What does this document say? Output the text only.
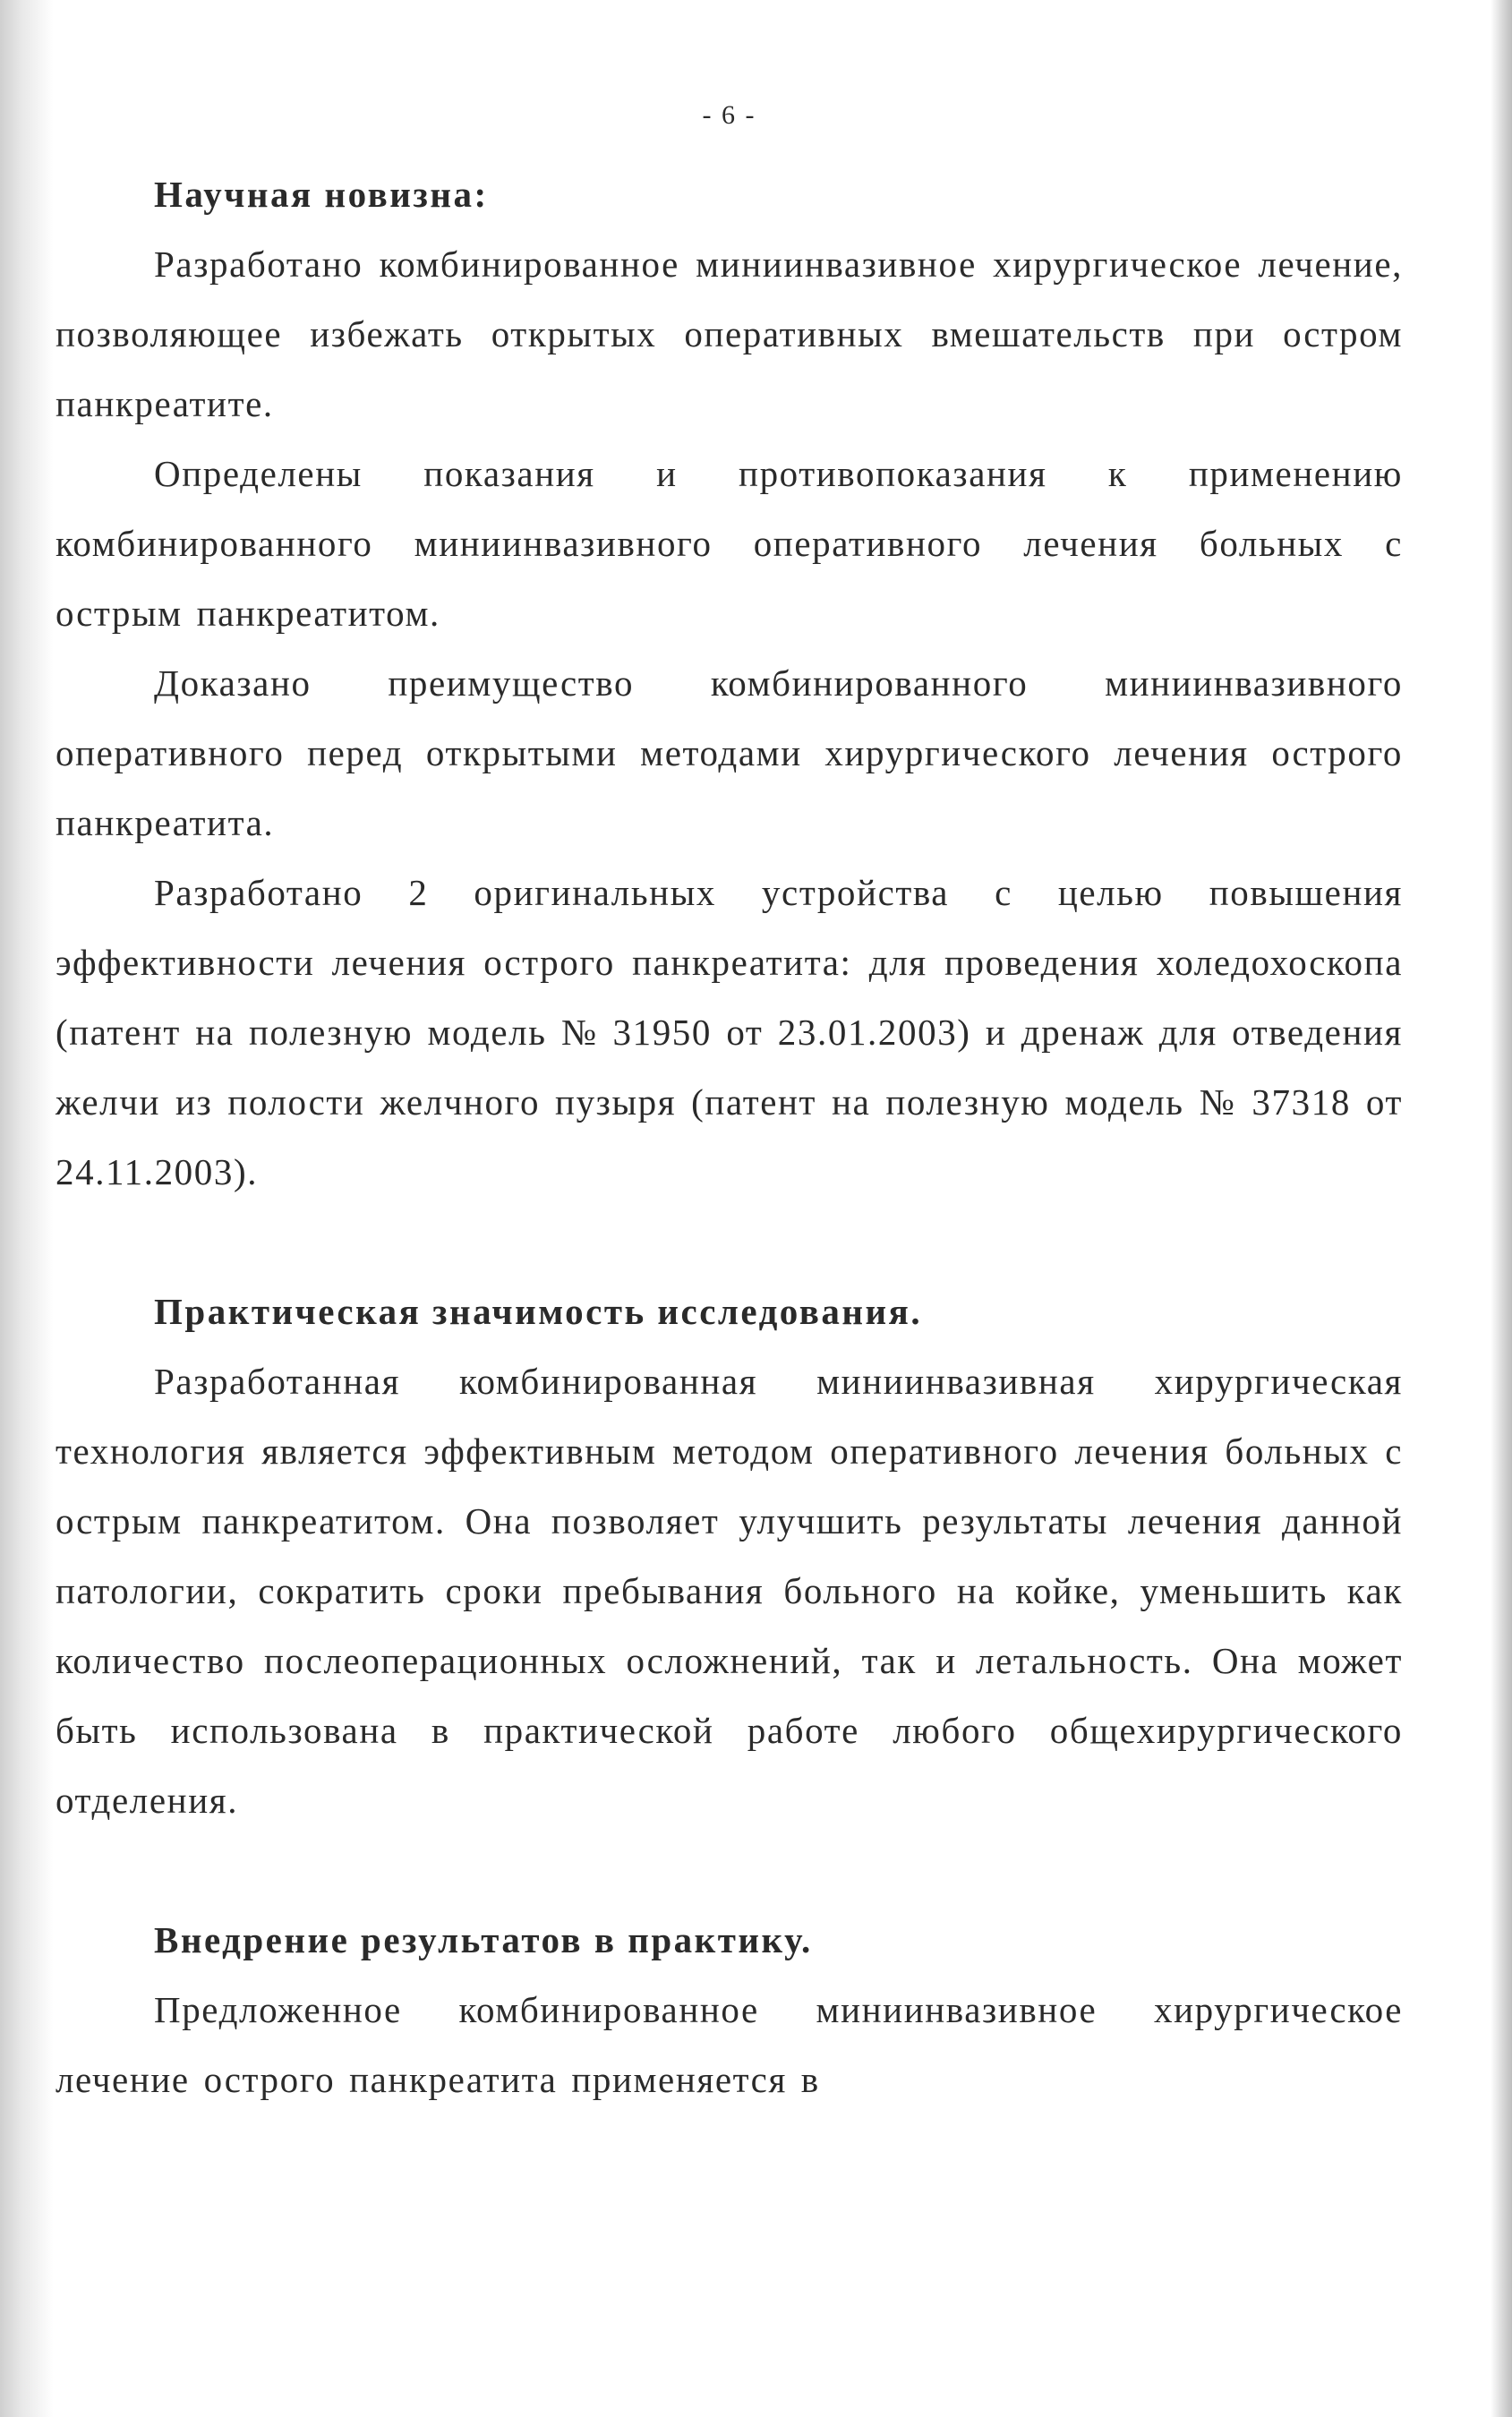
- 6 -
Научная новизна:

Разработано комбинированное миниинвазивное хирургическое лечение, позволяющее избежать открытых оперативных вмешательств при остром панкреатите.

Определены показания и противопоказания к применению комбинированного миниинвазивного оперативного лечения больных с острым панкреатитом.

Доказано преимущество комбинированного миниинвазивного оперативного перед открытыми методами хирургического лечения острого панкреатита.

Разработано 2 оригинальных устройства с целью повышения эффективности лечения острого панкреатита: для проведения холедохоскопа (патент на полезную модель № 31950 от 23.01.2003) и дренаж для отведения желчи из полости желчного пузыря (патент на полезную модель № 37318 от 24.11.2003).

Практическая значимость исследования.

Разработанная комбинированная миниинвазивная хирургическая технология является эффективным методом оперативного лечения больных с острым панкреатитом. Она позволяет улучшить результаты лечения данной патологии, сократить сроки пребывания больного на койке, уменьшить как количество послеоперационных осложнений, так и летальность. Она может быть использована в практической работе любого общехирургического отделения.

Внедрение результатов в практику.

Предложенное комбинированное миниинвазивное хирургическое лечение острого панкреатита применяется в
